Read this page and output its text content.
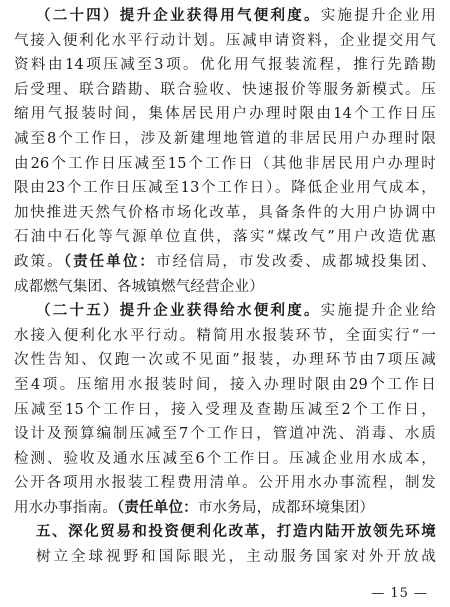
（二十四）提升企业获得用气便利度。实施提升企业用

气接入便利化水平行动计划。压减申请资料，企业提交用气

资料由14项压减至3项。优化用气报装流程，推行先踏勘

后受理、联合踏勘、联合验收、快速报价等服务新模式。压

缩用气报装时间，集体居民用户办理时限由14个工作日压

减至8个工作日，涉及新建埋地管道的非居民用户办理时限

由26个工作日压减至15个工作日（其他非居民用户办理时

限由23个工作日压减至13个工作日）。降低企业用气成本，

加快推进天然气价格市场化改革，具备条件的大用户协调中

石油中石化等气源单位直供，落实“煤改气”用户改造优惠

政策。（责任单位：市经信局，市发改委、成都城投集团、

成都燃气集团、各城镇燃气经营企业）

（二十五）提升企业获得给水便利度。实施提升企业给

水接入便利化水平行动。精简用水报装环节，全面实行“一

次性告知、仅跑一次或不见面”报装，办理环节由7项压减

至4项。压缩用水报装时间，接入办理时限由29个工作日

压减至15个工作日，接入受理及查勘压减至2个工作日，

设计及预算编制压减至7个工作日，管道冲洗、消毒、水质

检测、验收及通水压减至6个工作日。压减企业用水成本，

公开各项用水报装工程费用清单。公开用水办事流程，制发

用水办事指南。（责任单位：市水务局，成都环境集团）

五、深化贸易和投资便利化改革，打造内陆开放领先环境

树立全球视野和国际眼光，主动服务国家对外开放战

— 15 —
